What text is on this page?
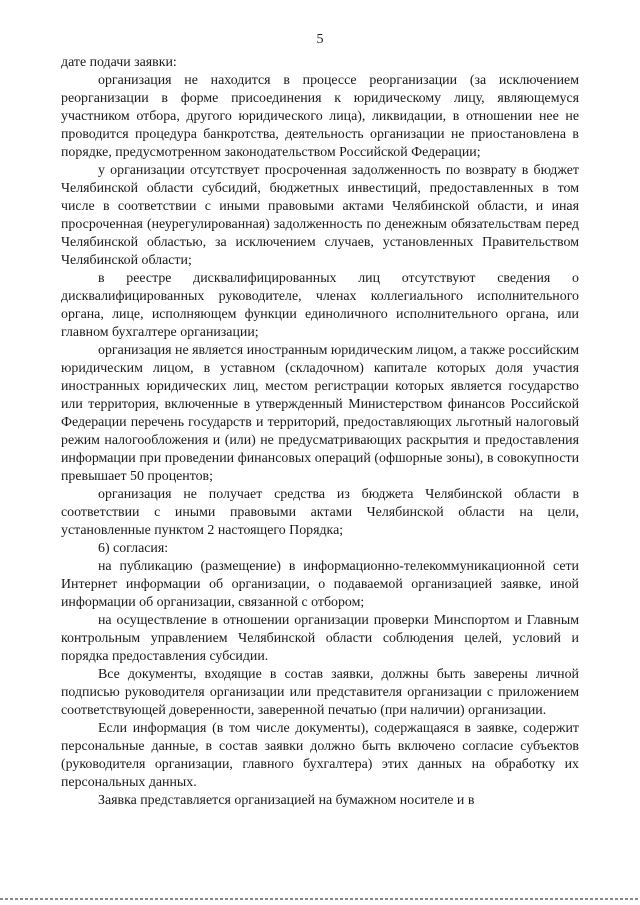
5

дате подачи заявки:

организация не находится в процессе реорганизации (за исключением реорганизации в форме присоединения к юридическому лицу, являющемуся участником отбора, другого юридического лица), ликвидации, в отношении нее не проводится процедура банкротства, деятельность организации не приостановлена в порядке, предусмотренном законодательством Российской Федерации;

у организации отсутствует просроченная задолженность по возврату в бюджет Челябинской области субсидий, бюджетных инвестиций, предоставленных в том числе в соответствии с иными правовыми актами Челябинской области, и иная просроченная (неурегулированная) задолженность по денежным обязательствам перед Челябинской областью, за исключением случаев, установленных Правительством Челябинской области;

в реестре дисквалифицированных лиц отсутствуют сведения о дисквалифицированных руководителе, членах коллегиального исполнительного органа, лице, исполняющем функции единоличного исполнительного органа, или главном бухгалтере организации;

организация не является иностранным юридическим лицом, а также российским юридическим лицом, в уставном (складочном) капитале которых доля участия иностранных юридических лиц, местом регистрации которых является государство или территория, включенные в утвержденный Министерством финансов Российской Федерации перечень государств и территорий, предоставляющих льготный налоговый режим налогообложения и (или) не предусматривающих раскрытия и предоставления информации при проведении финансовых операций (офшорные зоны), в совокупности превышает 50 процентов;

организация не получает средства из бюджета Челябинской области в соответствии с иными правовыми актами Челябинской области на цели, установленные пунктом 2 настоящего Порядка;

6) согласия:

на публикацию (размещение) в информационно-телекоммуникационной сети Интернет информации об организации, о подаваемой организацией заявке, иной информации об организации, связанной с отбором;

на осуществление в отношении организации проверки Минспортом и Главным контрольным управлением Челябинской области соблюдения целей, условий и порядка предоставления субсидии.

Все документы, входящие в состав заявки, должны быть заверены личной подписью руководителя организации или представителя организации с приложением соответствующей доверенности, заверенной печатью (при наличии) организации.

Если информация (в том числе документы), содержащаяся в заявке, содержит персональные данные, в состав заявки должно быть включено согласие субъектов (руководителя организации, главного бухгалтера) этих данных на обработку их персональных данных.

Заявка представляется организацией на бумажном носителе и в
